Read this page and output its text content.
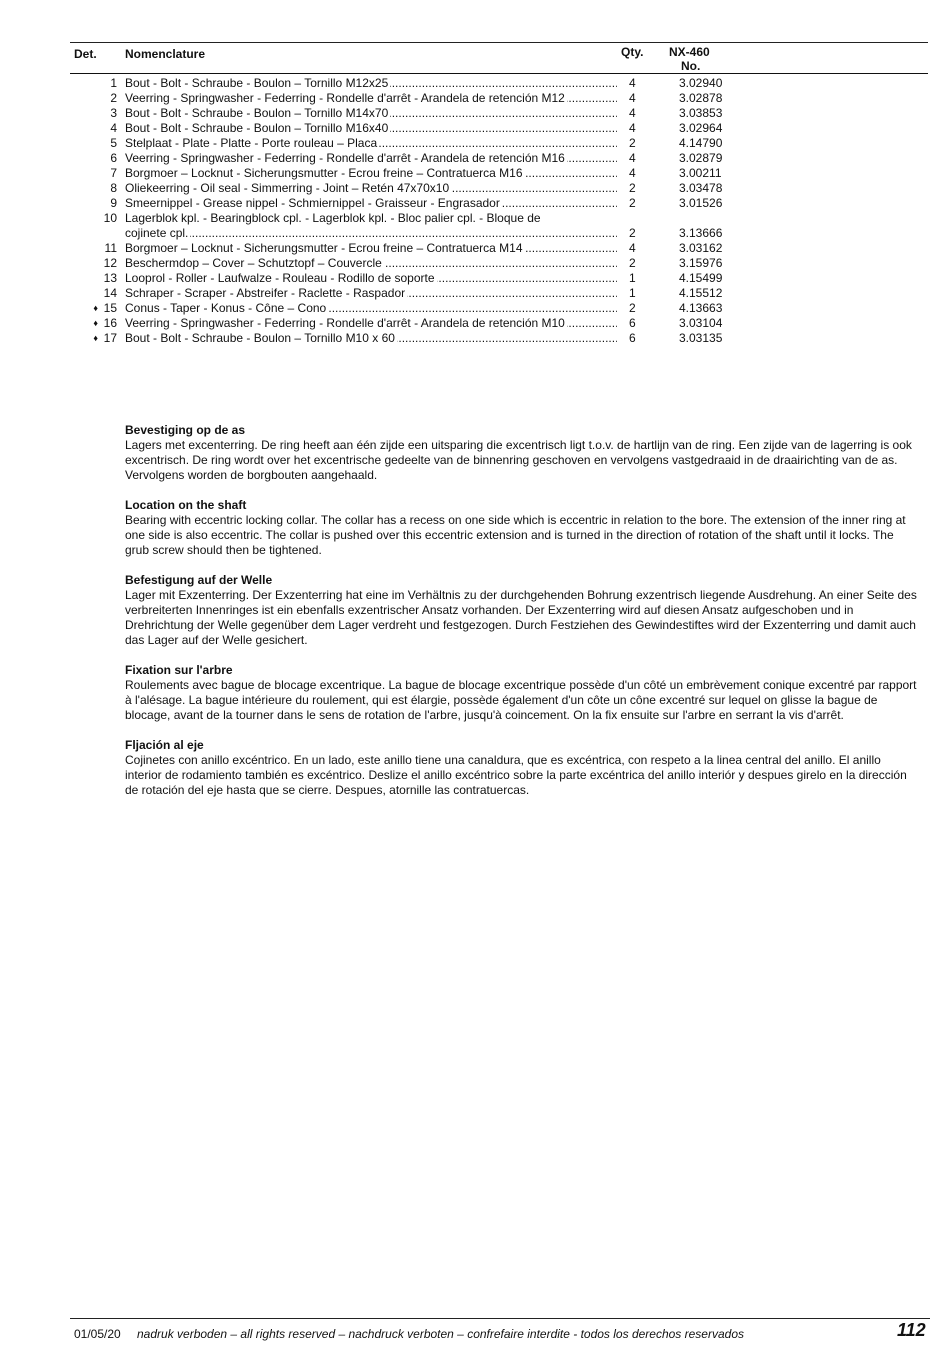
Det. Nomenclature	Qty. NX-460
No.
1 Bout - Bolt - Schraube - Boulon – Tornillo M12x25 .....	4	3.02940
2 Veerring - Springwasher - Federring - Rondelle d'arrêt - Arandela de retención M12 .....	4	3.02878
3 Bout - Bolt - Schraube - Boulon – Tornillo M14x70 .....	4	3.03853
4 Bout - Bolt - Schraube - Boulon – Tornillo M16x40 .....	4	3.02964
5 Stelplaat - Plate - Platte - Porte rouleau – Placa .....	2	4.14790
6 Veerring - Springwasher - Federring - Rondelle d'arrêt - Arandela de retención M16 .....	4	3.02879
7 Borgmoer – Locknut - Sicherungsmutter - Ecrou freine – Contratuerca M16 .....	4	3.00211
8 Oliekeerring - Oil seal - Simmerring - Joint – Retén 47x70x10 .....	2	3.03478
9 Smeernippel - Grease nippel - Schmiernippel - Graisseur - Engrasador .....	2	3.01526
10 Lagerblok kpl. - Bearingblock cpl. - Lagerblok kpl. - Bloc palier cpl. - Bloque de
cojinete cpl. .....	2	3.13666
11 Borgmoer – Locknut - Sicherungsmutter - Ecrou freine – Contratuerca M14 .....	4	3.03162
12 Beschermdop – Cover – Schutztopf – Couvercle .....	2	3.15976
13 Looprol - Roller - Laufwalze - Rouleau - Rodillo de soporte .....	1	4.15499
14 Schraper - Scraper - Abstreifer - Raclette - Raspador .....	1	4.15512
♦ 15 Conus - Taper - Konus - Cône – Cono .....	2	4.13663
♦ 16 Veerring - Springwasher - Federring - Rondelle d'arrêt - Arandela de retención M10 .....	6	3.03104
♦ 17 Bout - Bolt - Schraube - Boulon – Tornillo M10 x 60 .....	6	3.03135
Bevestiging op de as
Lagers met excenterring. De ring heeft aan één zijde een uitsparing die excentrisch ligt t.o.v. de hartlijn van de ring. Een zijde van de lagerring is ook excentrisch. De ring wordt over het excentrische gedeelte van de binnenring geschoven en vervolgens vastgedraaid in de draairichting van de as. Vervolgens worden de borgbouten aangehaald.
Location on the shaft
Bearing with eccentric locking collar. The collar has a recess on one side which is eccentric in relation to the bore. The extension of the inner ring at one side is also eccentric. The collar is pushed over this eccentric extension and is turned in the direction of rotation of the shaft until it locks. The grub screw should then be tightened.
Befestigung auf der Welle
Lager mit Exzenterring. Der Exzenterring hat eine im Verhältnis zu der durchgehenden Bohrung exzentrisch liegende Ausdrehung. An einer Seite des verbreiterten Innenringes ist ein ebenfalls exzentrischer Ansatz vorhanden. Der Exzenterring wird auf diesen Ansatz aufgeschoben und in Drehrichtung der Welle gegenüber dem Lager verdreht und festgezogen. Durch Festziehen des Gewindestiftes wird der Exzenterring und damit auch das Lager auf der Welle gesichert.
Fixation sur l'arbre
Roulements avec bague de blocage excentrique. La bague de blocage excentrique possède d'un côté un embrèvement conique excentré par rapport à l'alésage. La bague intérieure du roulement, qui est élargie, possède également d'un côte un cône excentré sur lequel on glisse la bague de blocage, avant de la tourner dans le sens de rotation de l'arbre, jusqu'à coincement. On la fix ensuite sur l'arbre en serrant la vis d'arrêt.
Fljación al eje
Cojinetes con anillo excéntrico. En un lado, este anillo tiene una canaldura, que es excéntrica, con respeto a la linea central del anillo. El anillo interior de rodamiento también es excéntrico. Deslize el anillo excéntrico sobre la parte excéntrica del anillo interiór y despues girelo en la dirección de rotación del eje hasta que se cierre. Despues, atornille las contratuercas.
01/05/20 nadruk verboden – all rights reserved – nachdruck verboten – confrefaire interdite - todos los derechos reservados	112
